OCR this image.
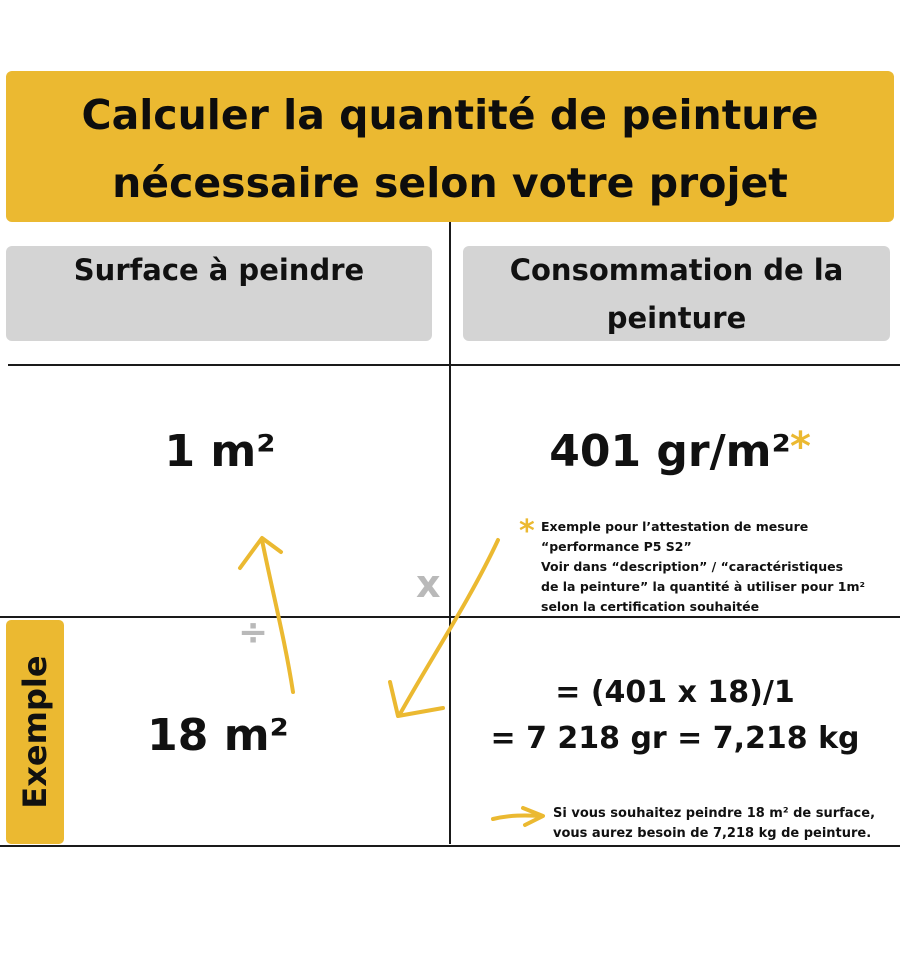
Calculer la quantité de peinture
nécessaire selon votre projet
Surface à peindre	Consommation de la
peinture
1 m²	401 gr/m² *
* Exemple pour l’attestation de mesure
“performance P5 S2”
Voir dans “description” / “caractéristiques
de la peinture” la quantité à utiliser pour 1m²
selon la certification souhaitée
x
÷
Exemple	18 m²
= (401 x 18)/1
= 7 218 gr = 7,218 kg
Si vous souhaitez peindre 18 m² de surface,
vous aurez besoin de 7,218 kg de peinture.
